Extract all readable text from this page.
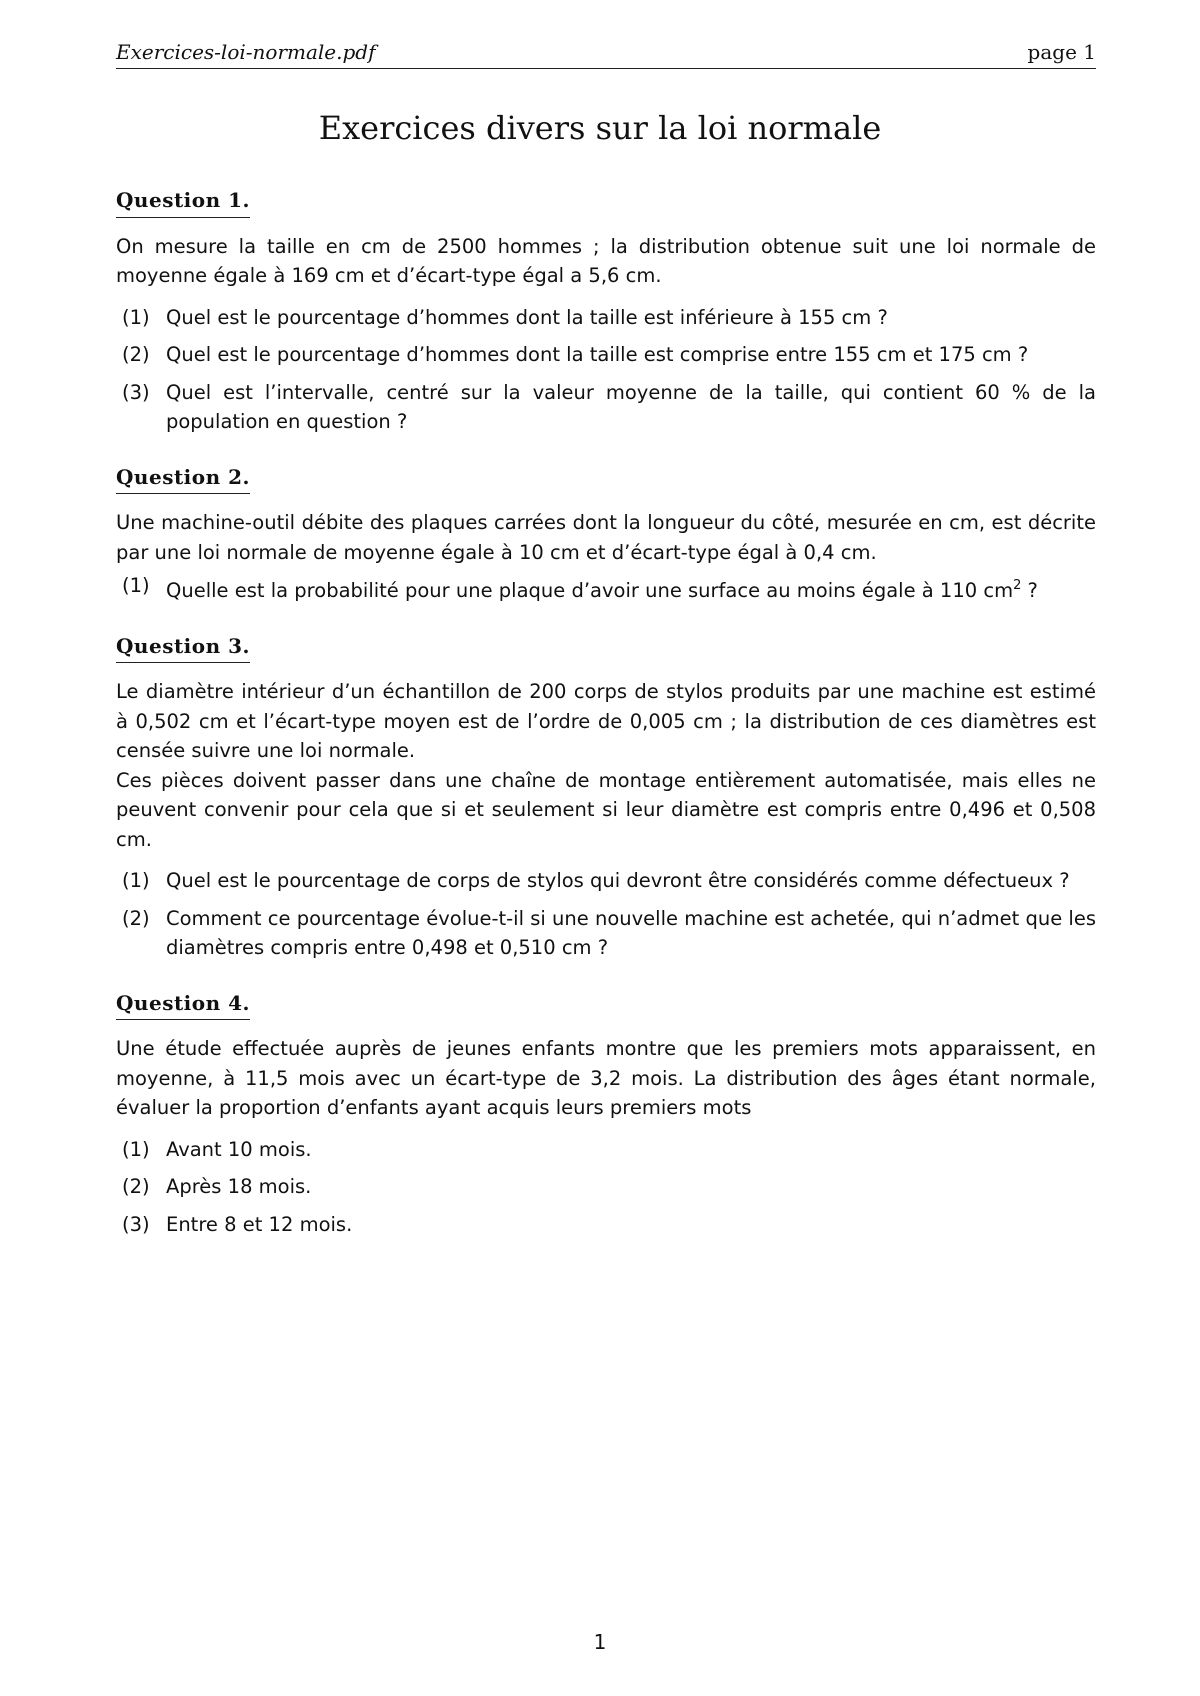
Exercices-loi-normale.pdf	page 1
Exercices divers sur la loi normale
Question 1.

On mesure la taille en cm de 2500 hommes ; la distribution obtenue suit une loi normale de moyenne égale à 169 cm et d’écart-type égal a 5,6 cm.

(1) Quel est le pourcentage d’hommes dont la taille est inférieure à 155 cm ?
(2) Quel est le pourcentage d’hommes dont la taille est comprise entre 155 cm et 175 cm ?
(3) Quel est l’intervalle, centré sur la valeur moyenne de la taille, qui contient 60 % de la population en question ?
Question 2.

Une machine-outil débite des plaques carrées dont la longueur du côté, mesurée en cm, est décrite par une loi normale de moyenne égale à 10 cm et d’écart-type égal à 0,4 cm.

(1) Quelle est la probabilité pour une plaque d’avoir une surface au moins égale à 110 $cm^2$ ?
Question 3.

Le diamètre intérieur d’un échantillon de 200 corps de stylos produits par une machine est estimé à 0,502 cm et l’écart-type moyen est de l’ordre de 0,005 cm ; la distribution de ces diamètres est censée suivre une loi normale.

Ces pièces doivent passer dans une chaîne de montage entièrement automatisée, mais elles ne peuvent convenir pour cela que si et seulement si leur diamètre est compris entre 0,496 et 0,508 cm.

(1) Quel est le pourcentage de corps de stylos qui devront être considérés comme défectueux ?
(2) Comment ce pourcentage évolue-t-il si une nouvelle machine est achetée, qui n’admet que les diamètres compris entre 0,498 et 0,510 cm ?
Question 4.

Une étude effectuée auprès de jeunes enfants montre que les premiers mots apparaissent, en moyenne, à 11,5 mois avec un écart-type de 3,2 mois. La distribution des âges étant normale, évaluer la proportion d’enfants ayant acquis leurs premiers mots

(1) Avant 10 mois.
(2) Après 18 mois.
(3) Entre 8 et 12 mois.
1
